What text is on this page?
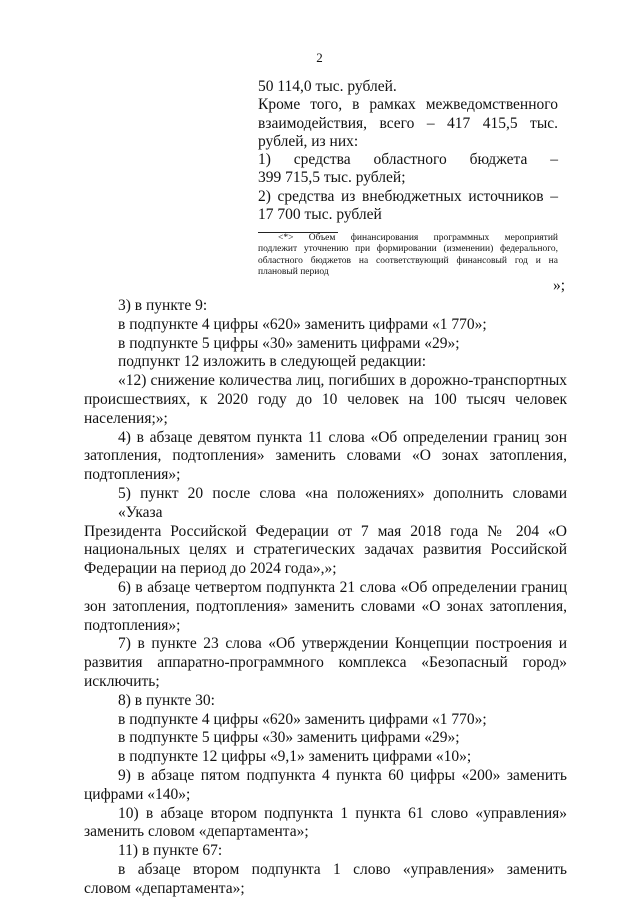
2
50 114,0 тыс. рублей.
Кроме того, в рамках межведомственного
взаимодействия, всего – 417 415,5 тыс.
рублей, из них:
1) средства областного бюджета –
399 715,5 тыс. рублей;
2) средства из внебюджетных источников –
17 700 тыс. рублей
<*> Объем финансирования программных мероприятий
подлежит уточнению при формировании (изменении) федерального,
областного бюджетов на соответствующий финансовый год и на
плановый период
»;
3) в пункте 9:
в подпункте 4 цифры «620» заменить цифрами «1 770»;
в подпункте 5 цифры «30» заменить цифрами «29»;
подпункт 12 изложить в следующей редакции:
«12) снижение количества лиц, погибших в дорожно-транспортных
происшествиях, к 2020 году до 10 человек на 100 тысяч человек
населения;»;
4) в абзаце девятом пункта 11 слова «Об определении границ зон
затопления, подтопления» заменить словами «О зонах затопления,
подтопления»;
5) пункт 20 после слова «на положениях» дополнить словами «Указа
Президента Российской Федерации от 7 мая 2018 года № 204 «О
национальных целях и стратегических задачах развития Российской
Федерации на период до 2024 года»,»;
6) в абзаце четвертом подпункта 21 слова «Об определении границ
зон затопления, подтопления» заменить словами «О зонах затопления,
подтопления»;
7) в пункте 23 слова «Об утверждении Концепции построения и
развития аппаратно-программного комплекса «Безопасный город»
исключить;
8) в пункте 30:
в подпункте 4 цифры «620» заменить цифрами «1 770»;
в подпункте 5 цифры «30» заменить цифрами «29»;
в подпункте 12 цифры «9,1» заменить цифрами «10»;
9) в абзаце пятом подпункта 4 пункта 60 цифры «200» заменить
цифрами «140»;
10) в абзаце втором подпункта 1 пункта 61 слово «управления»
заменить словом «департамента»;
11) в пункте 67:
в абзаце втором подпункта 1 слово «управления» заменить
словом «департамента»;
